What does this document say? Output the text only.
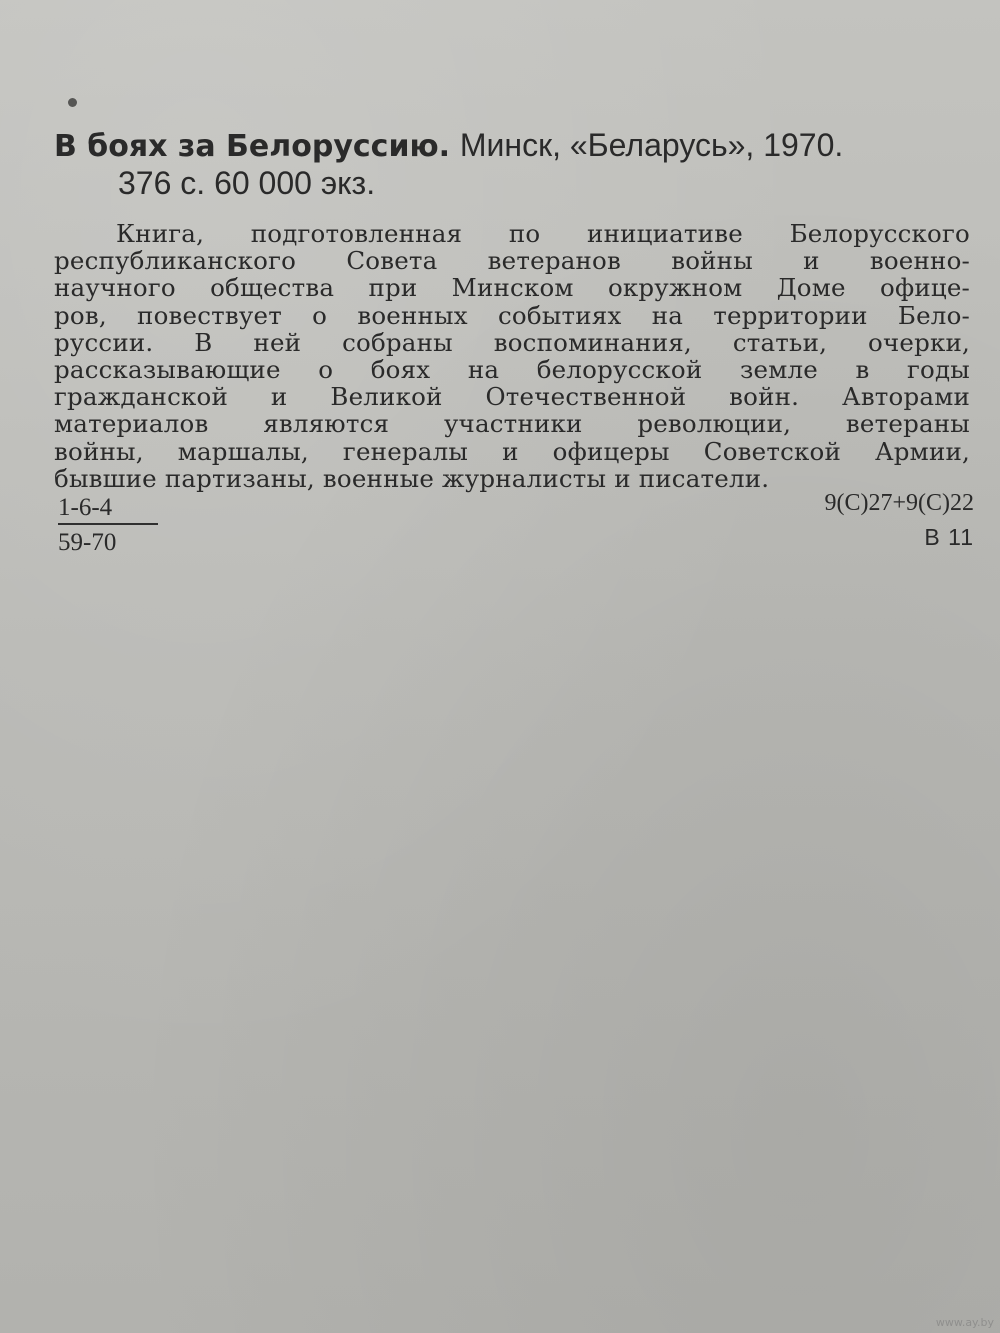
В боях за Белоруссию. Минск, «Беларусь», 1970.
376 с. 60 000 экз.
Книга, подготовленная по инициативе Белорусского
республиканского Совета ветеранов войны и военно-
научного общества при Минском окружном Доме офице-
ров, повествует о военных событиях на территории Бело-
руссии. В ней собраны воспоминания, статьи, очерки,
рассказывающие о боях на белорусской земле в годы
гражданской и Великой Отечественной войн. Авторами
материалов являются участники революции, ветераны
войны, маршалы, генералы и офицеры Советской Армии,
бывшие партизаны, военные журналисты и писатели.
1-6-4
59-70
9(С)27+9(С)22
В 11
www.ay.by
